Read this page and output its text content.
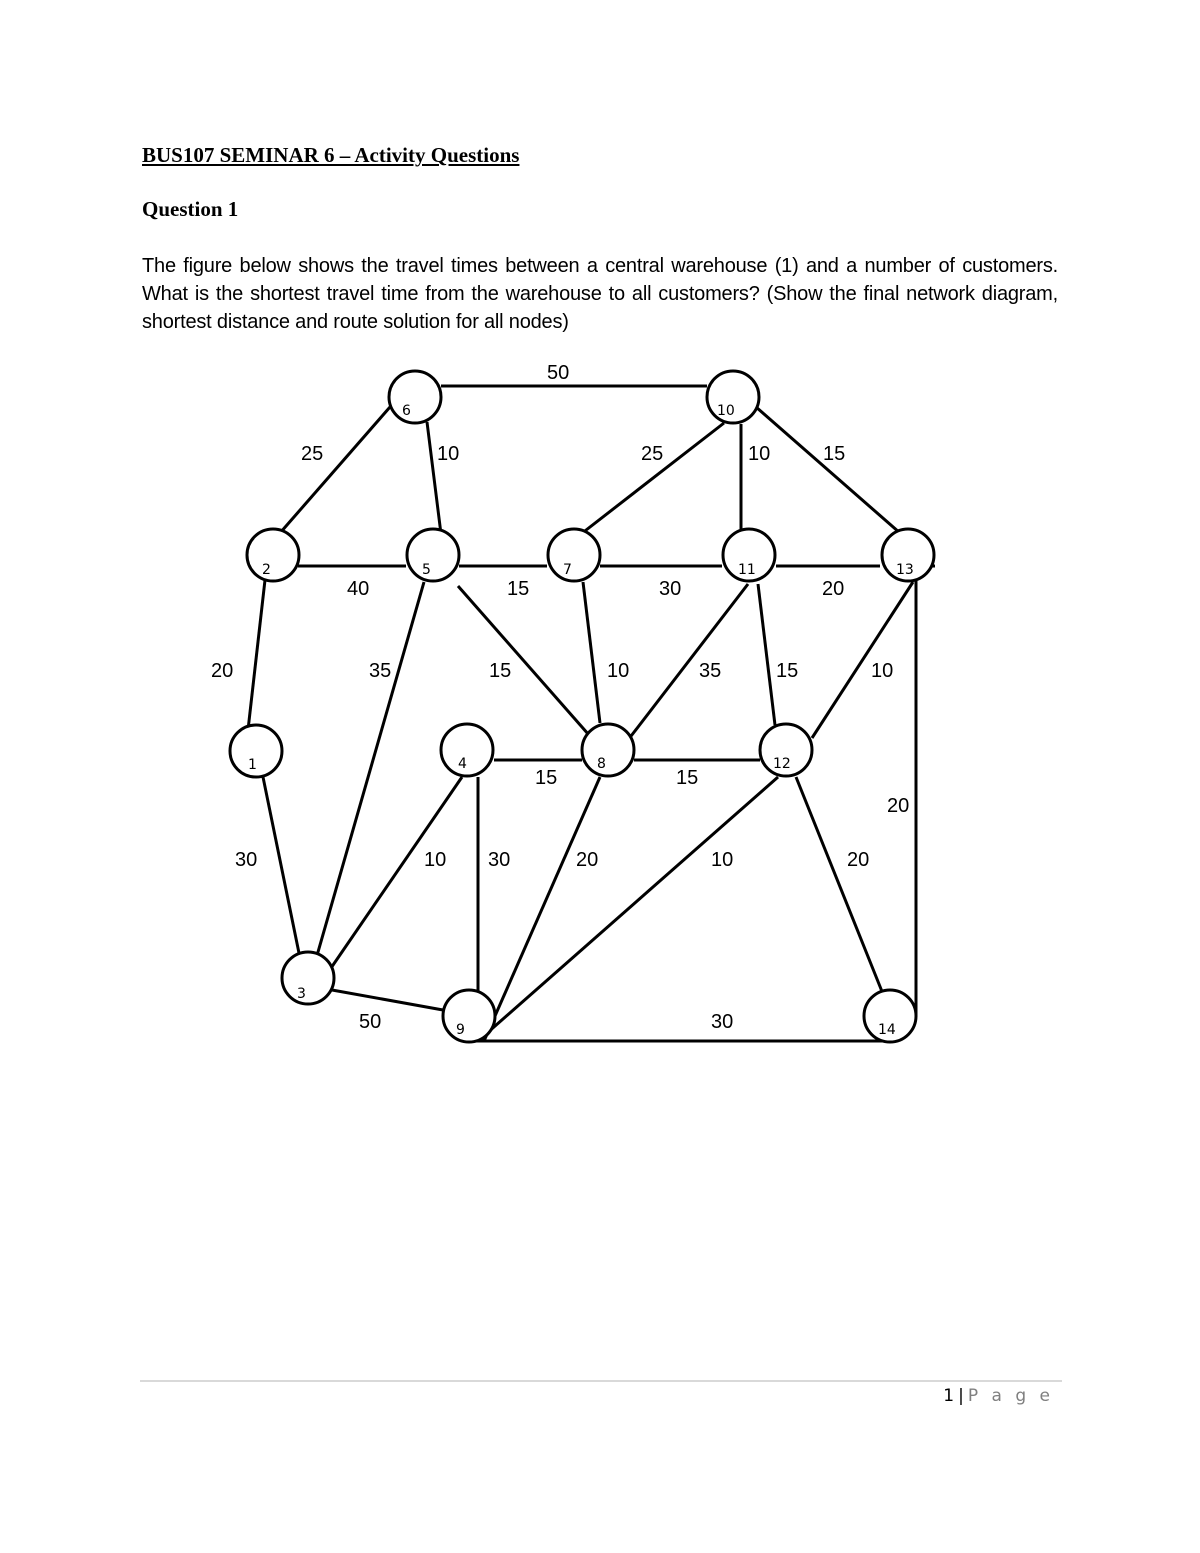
BUS107 SEMINAR 6 – Activity Questions
Question 1

The figure below shows the travel times between a central warehouse (1) and a number of customers. What is the shortest travel time from the warehouse to all customers? (Show the final network diagram, shortest distance and route solution for all nodes)

1
2
3
4
5
6
7
8
9
10
11
12
13
14
20
30
25
40
50
10
15
35	15
25
30
10
10	15
20
35	15	10
20
15	15
10 30	20	10	20
50	30
1 | P a g e
